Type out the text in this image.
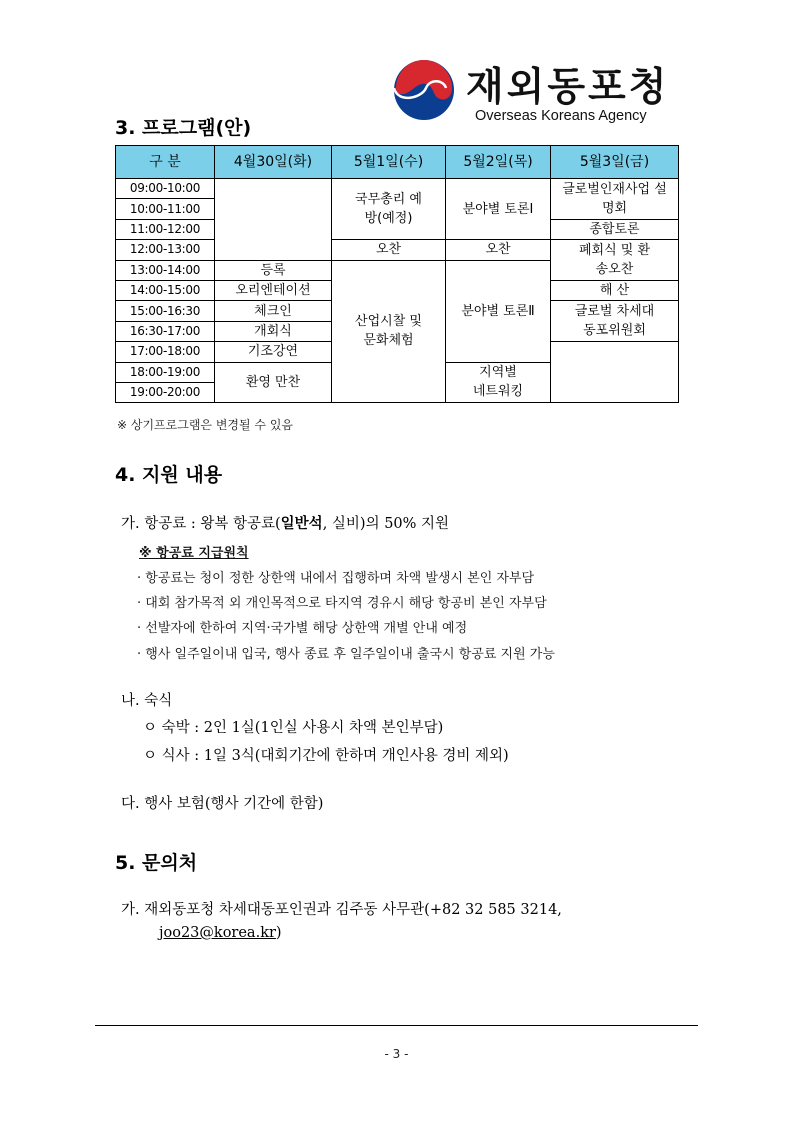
재외동포청
Overseas Koreans Agency
3. 프로그램(안)
구 분	4월30일(화)	5월1일(수)	5월2일(목)	5월3일(금)
09:00-10:00		국무총리 예방(예정)	분야별 토론Ⅰ	글로벌인재사업 설명회
10:00-11:00				
11:00-12:00				종합토론
12:00-13:00		오찬	오찬	폐회식 및 환송오찬
13:00-14:00	등록	산업시찰 및 문화체험	분야별 토론Ⅱ	
14:00-15:00	오리엔테이션			해 산
15:00-16:30	체크인			글로벌 차세대 동포위원회
16:30-17:00	개회식			
17:00-18:00	기조강연			
18:00-19:00	환영 만찬		지역별 네트워킹	
19:00-20:00				
※ 상기프로그램은 변경될 수 있음
4. 지원 내용
가. 항공료 : 왕복 항공료(일반석, 실비)의 50% 지원
※ 항공료 지급원칙
· 항공료는 청이 정한 상한액 내에서 집행하며 차액 발생시 본인 자부담
· 대회 참가목적 외 개인목적으로 타지역 경유시 해당 항공비 본인 자부담
· 선발자에 한하여 지역·국가별 해당 상한액 개별 안내 예정
· 행사 일주일이내 입국, 행사 종료 후 일주일이내 출국시 항공료 지원 가능
나. 숙식
ㅇ 숙박 : 2인 1실(1인실 사용시 차액 본인부담)
ㅇ 식사 : 1일 3식(대회기간에 한하며 개인사용 경비 제외)
다. 행사 보험(행사 기간에 한함)
5. 문의처
가. 재외동포청 차세대동포인권과 김주동 사무관(+82 32 585 3214,
joo23@korea.kr)
- 3 -
